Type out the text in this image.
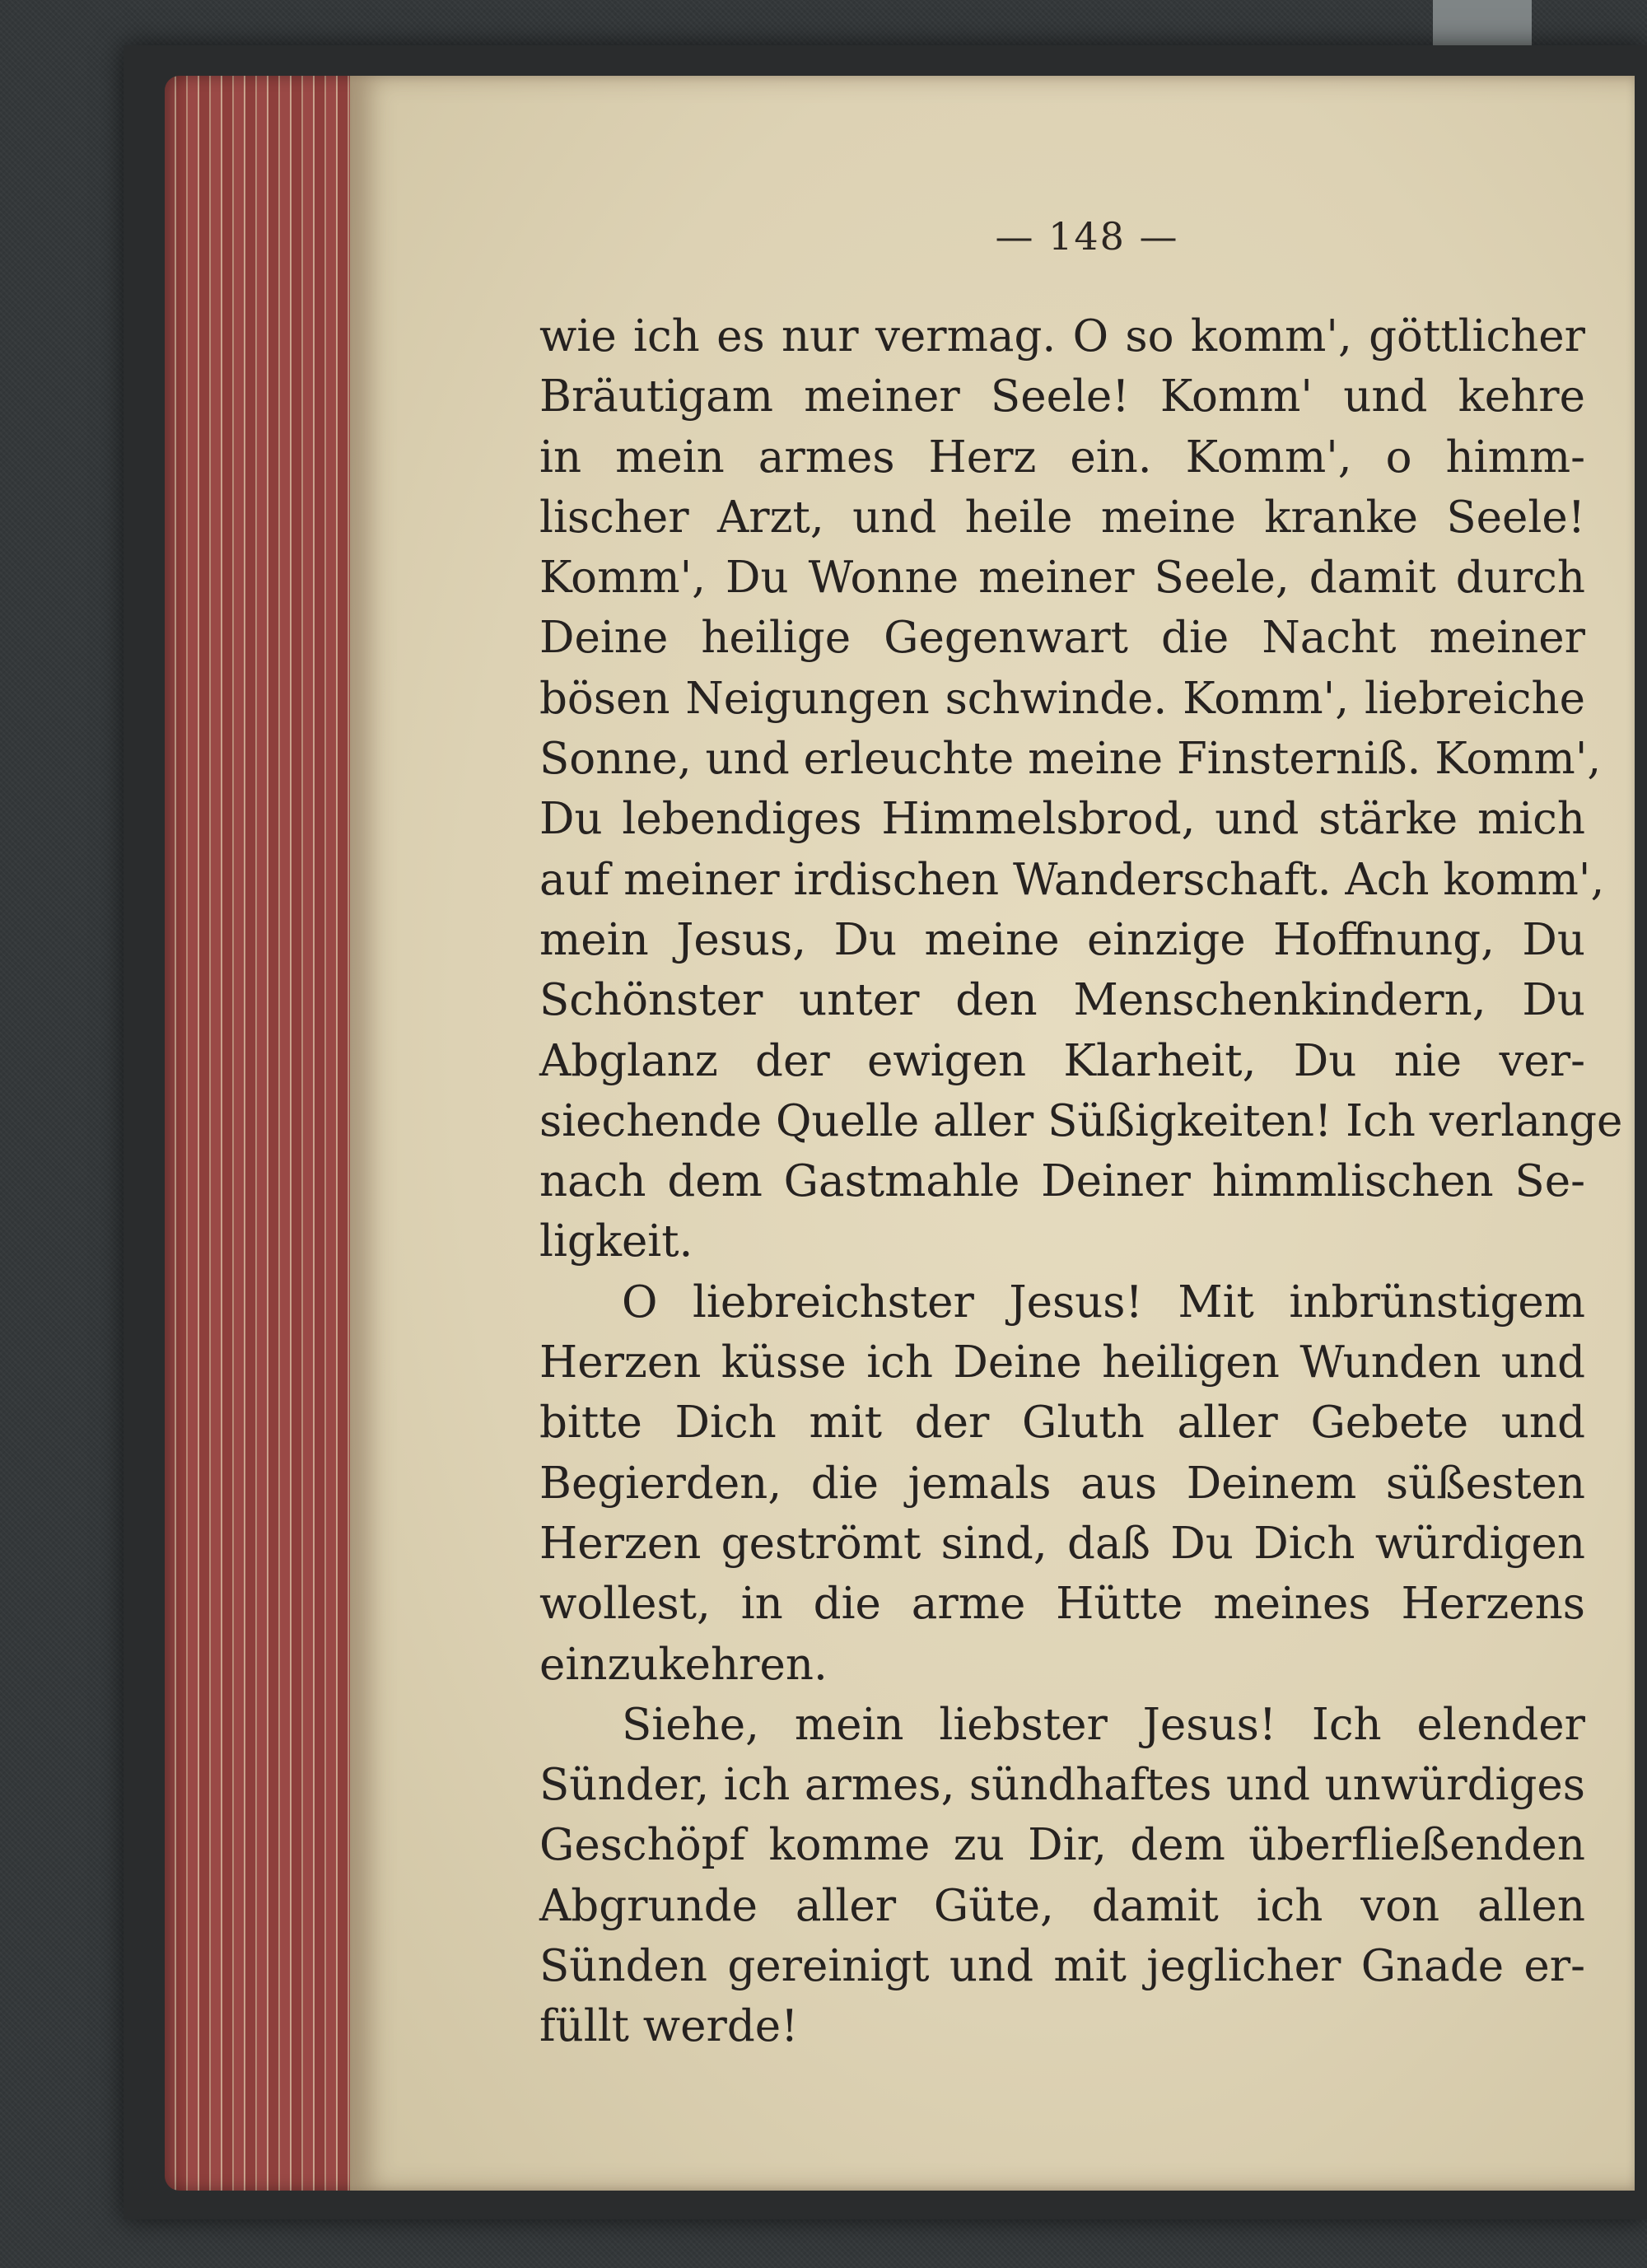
— 148 —
wie ich es nur vermag. O so komm', göttlicher
Bräutigam meiner Seele! Komm' und kehre
in mein armes Herz ein. Komm', o himm-
lischer Arzt, und heile meine kranke Seele!
Komm', Du Wonne meiner Seele, damit durch
Deine heilige Gegenwart die Nacht meiner
bösen Neigungen schwinde. Komm', liebreiche
Sonne, und erleuchte meine Finsterniß. Komm',
Du lebendiges Himmelsbrod, und stärke mich
auf meiner irdischen Wanderschaft. Ach komm',
mein Jesus, Du meine einzige Hoffnung, Du
Schönster unter den Menschenkindern, Du
Abglanz der ewigen Klarheit, Du nie ver-
siechende Quelle aller Süßigkeiten! Ich verlange
nach dem Gastmahle Deiner himmlischen Se-
ligkeit.
O liebreichster Jesus! Mit inbrünstigem
Herzen küsse ich Deine heiligen Wunden und
bitte Dich mit der Gluth aller Gebete und
Begierden, die jemals aus Deinem süßesten
Herzen geströmt sind, daß Du Dich würdigen
wollest, in die arme Hütte meines Herzens
einzukehren.
Siehe, mein liebster Jesus! Ich elender
Sünder, ich armes, sündhaftes und unwürdiges
Geschöpf komme zu Dir, dem überfließenden
Abgrunde aller Güte, damit ich von allen
Sünden gereinigt und mit jeglicher Gnade er-
füllt werde!
